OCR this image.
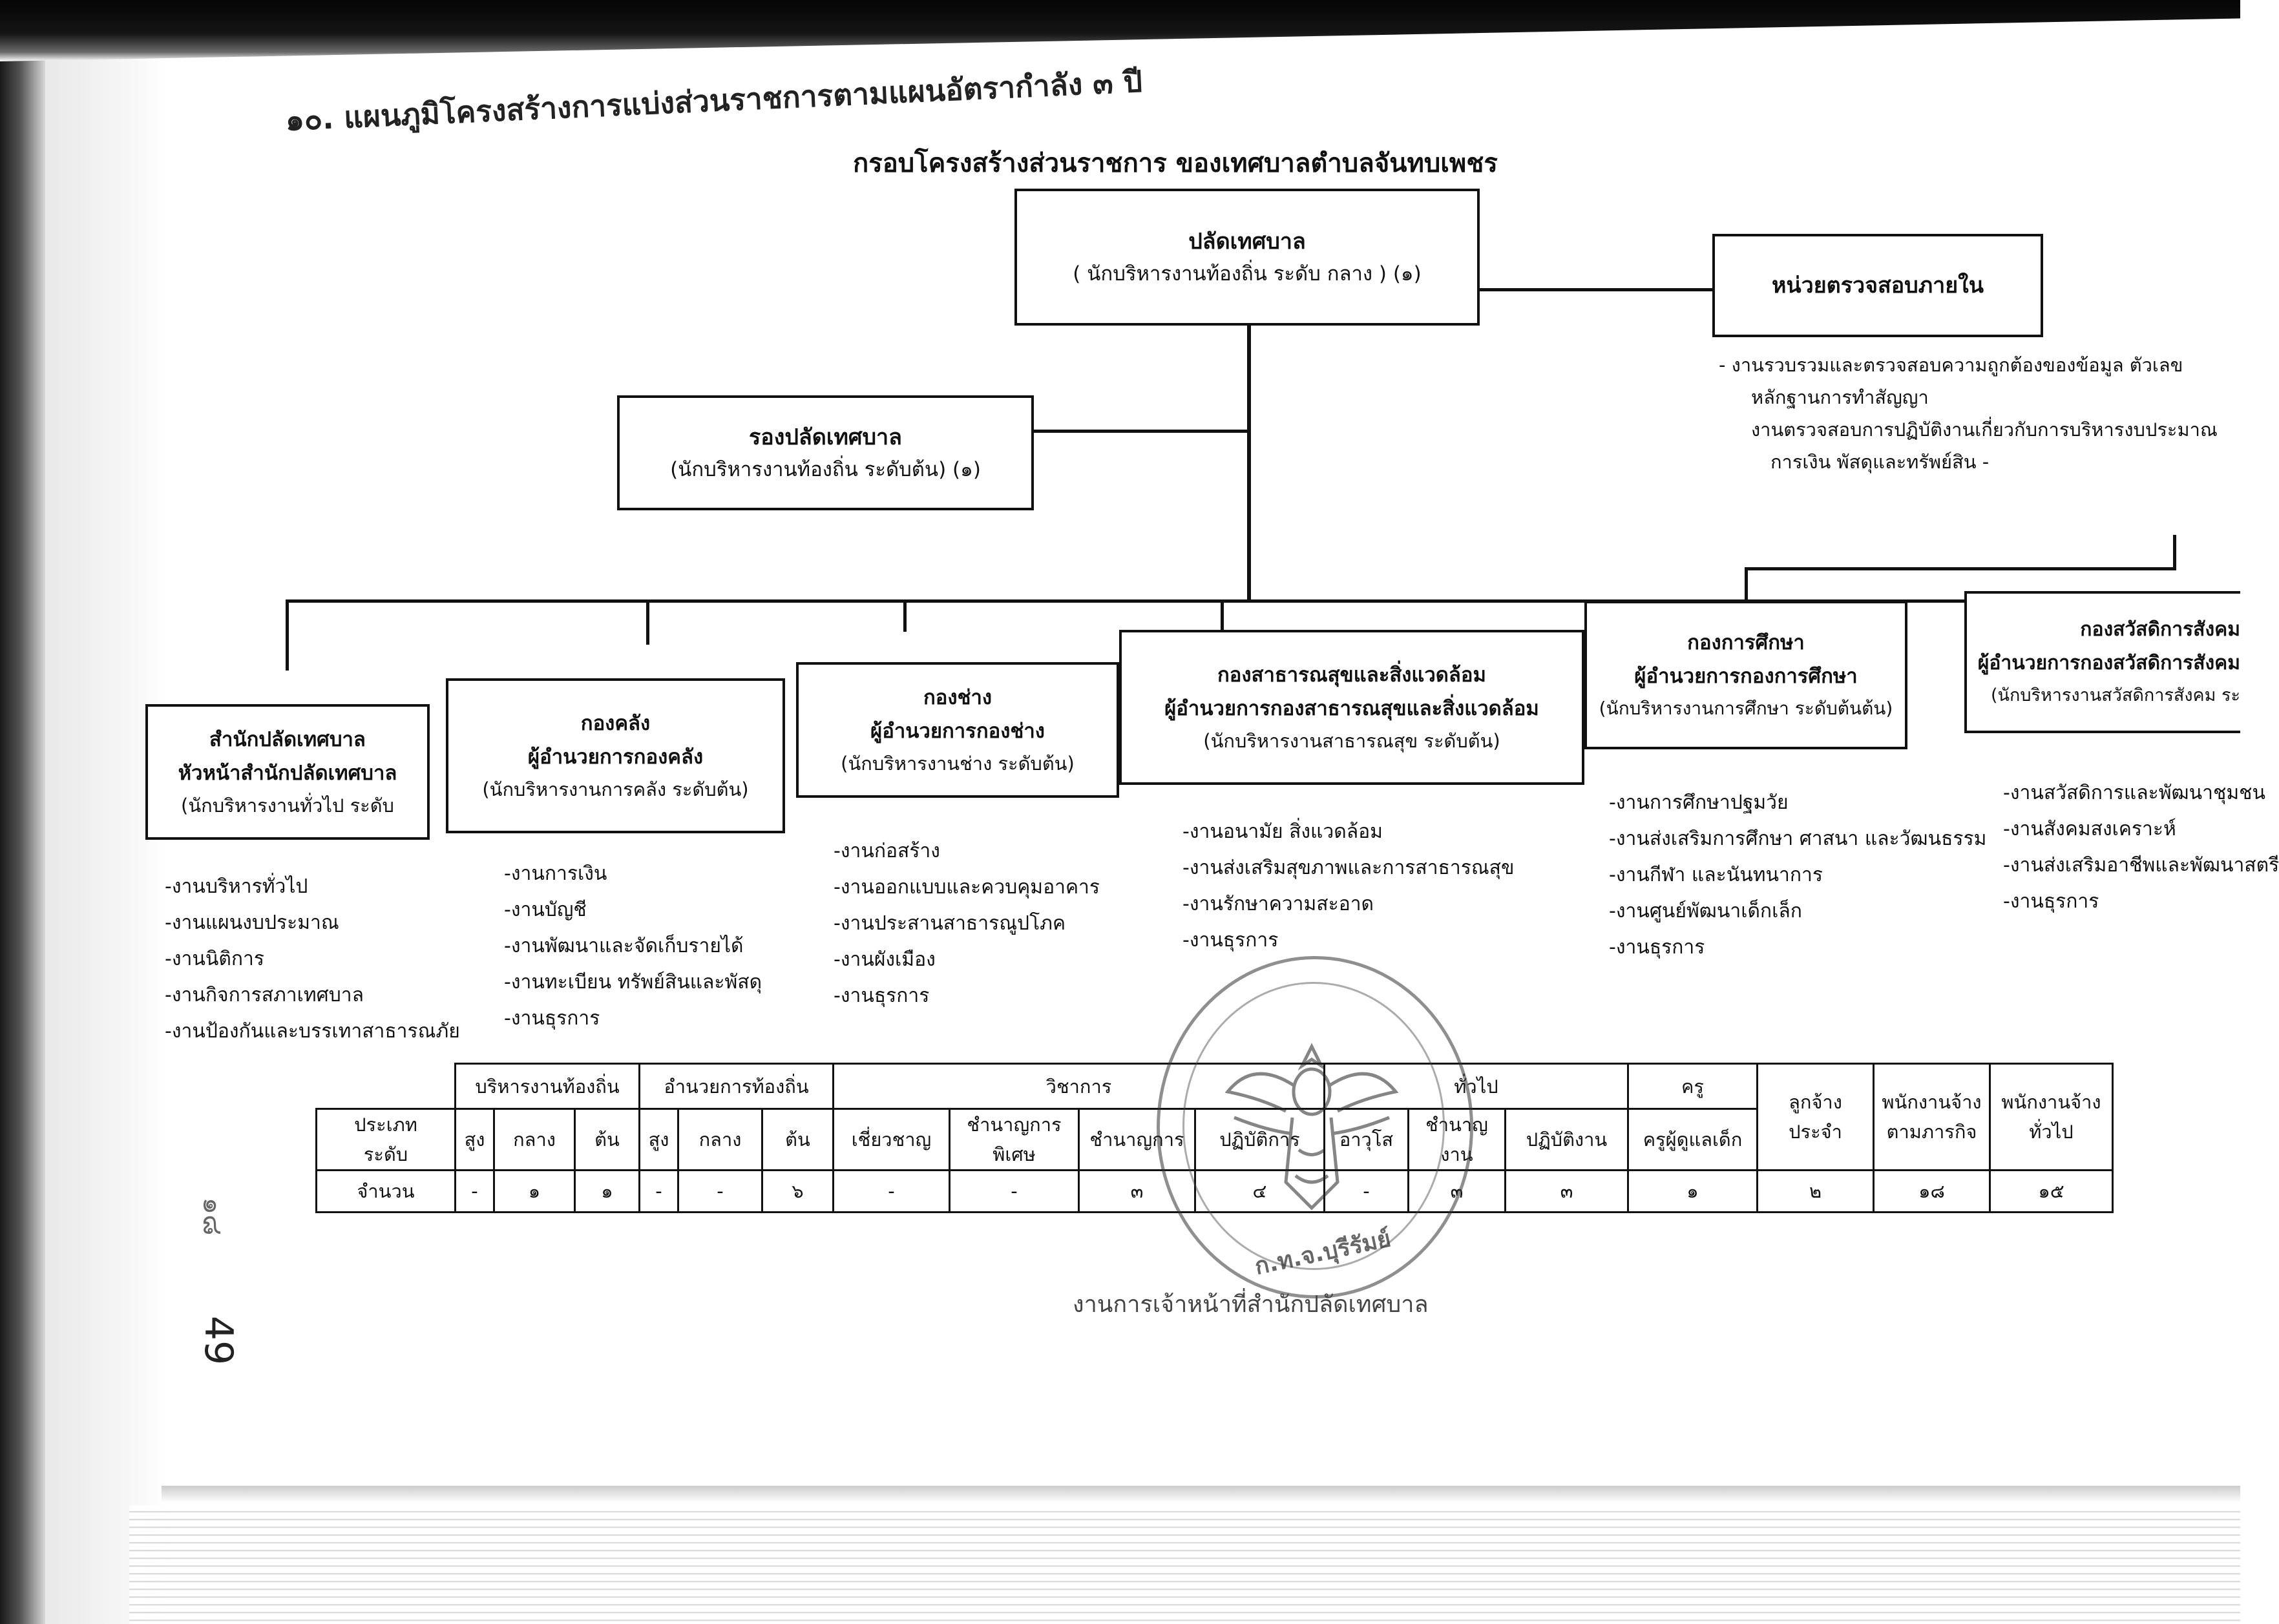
๑๐. แผนภูมิโครงสร้างการแบ่งส่วนราชการตามแผนอัตรากำลัง ๓ ปี
กรอบโครงสร้างส่วนราชการ ของเทศบาลตำบลจันทบเพชร
ปลัดเทศบาล
( นักบริหารงานท้องถิ่น ระดับ กลาง ) (๑)	หน่วยตรวจสอบภายใน
- งานรวบรวมและตรวจสอบความถูกต้องของข้อมูล ตัวเลข
หลักฐานการทำสัญญา
งานตรวจสอบการปฏิบัติงานเกี่ยวกับการบริหารงบประมาณ
การเงิน พัสดุและทรัพย์สิน -
รองปลัดเทศบาล
(นักบริหารงานท้องถิ่น ระดับต้น) (๑)
สำนักปลัดเทศบาล
หัวหน้าสำนักปลัดเทศบาล
(นักบริหารงานทั่วไป ระดับ
กองคลัง
ผู้อำนวยการกองคลัง
(นักบริหารงานการคลัง ระดับต้น)
กองช่าง
ผู้อำนวยการกองช่าง
(นักบริหารงานช่าง ระดับต้น)
กองสาธารณสุขและสิ่งแวดล้อม
ผู้อำนวยการกองสาธารณสุขและสิ่งแวดล้อม
(นักบริหารงานสาธารณสุข ระดับต้น)
กองการศึกษา
ผู้อำนวยการกองการศึกษา
(นักบริหารงานการศึกษา ระดับต้นต้น)
กองสวัสดิการสังคม
ผู้อำนวยการกองสวัสดิการสังคม
(นักบริหารงานสวัสดิการสังคม ระ
- งานบริหารทั่วไป
- งานแผนงบประมาณ
- งานนิติการ
- งานกิจการสภาเทศบาล
- งานป้องกันและบรรเทาสาธารณภัย
- งานการเงิน
- งานบัญชี
- งานพัฒนาและจัดเก็บรายได้
- งานทะเบียน ทรัพย์สินและพัสดุ
- งานธุรการ
- งานก่อสร้าง
- งานออกแบบและควบคุมอาคาร
- งานประสานสาธารณูปโภค
- งานผังเมือง
- งานธุรการ
- งานอนามัย สิ่งแวดล้อม
- งานส่งเสริมสุขภาพและการสาธารณสุข
- งานรักษาความสะอาด
- งานธุรการ
- งานการศึกษาปฐมวัย
- งานส่งเสริมการศึกษา ศาสนา และวัฒนธรรม
- งานกีฬา และนันทนาการ
- งานศูนย์พัฒนาเด็กเล็ก
- งานธุรการ
- งานสวัสดิการและพัฒนาชุมชน
- งานสังคมสงเคราะห์
- งานส่งเสริมอาชีพและพัฒนาสตรี
- งานธุรการ
	บริหารงานท้องถิ่น			อำนวยการท้องถิ่น			วิชาการ				ทั่วไป			ครู	ลูกจ้างประจำ	พนักงานจ้างตามภารกิจ	พนักงานจ้างทั่วไป
ประเภท
ระดับ	สูง	กลาง	ต้น	สูง	กลาง	ต้น	เชี่ยวชาญ	ชำนาญการพิเศษ	ชำนาญการ	ปฏิบัติการ	อาวุโส	ชำนาญงาน	ปฏิบัติงาน	ครูผู้ดูแลเด็ก			
จำนวน	-	๑	๑	-	-	๖	-	-	๓	๔	-	๓	๓	๑	๒	๑๘	๑๕
ก.ท.จ.บุรีรัมย์
งานการเจ้าหน้าที่สำนักปลัดเทศบาล
๑๘
49
